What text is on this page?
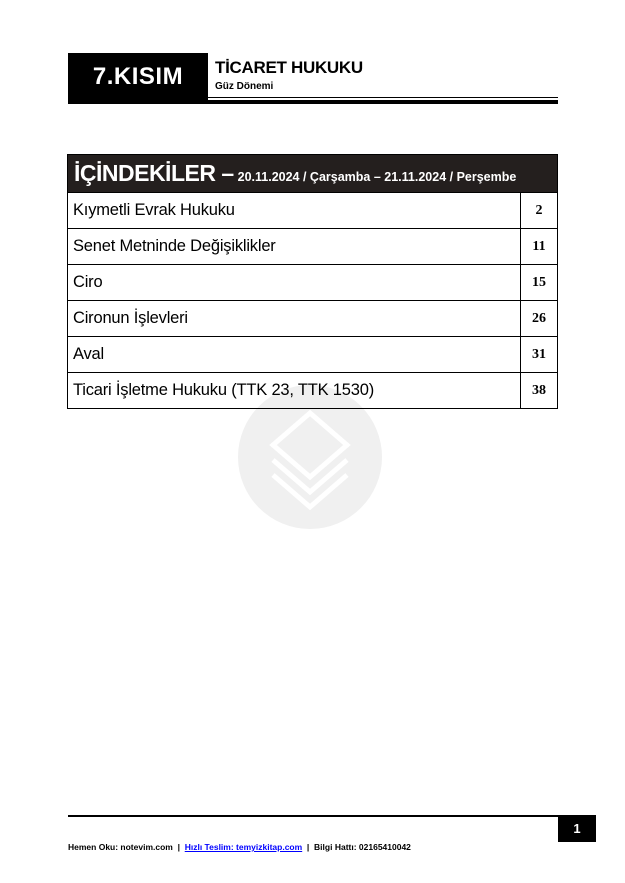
7.KISIM TİCARET HUKUKU
Güz Dönemi
İÇİNDEKİLER – 20.11.2024 / Çarşamba – 21.11.2024 / Perşembe
Kıymetli Evrak Hukuku	2
Senet Metninde Değişiklikler	11
Ciro	15
Cironun İşlevleri	26
Aval	31
Ticari İşletme Hukuku (TTK 23, TTK 1530)	38
1
Hemen Oku: notevim.com | Hızlı Teslim: temyizkitap.com | Bilgi Hattı: 02165410042
